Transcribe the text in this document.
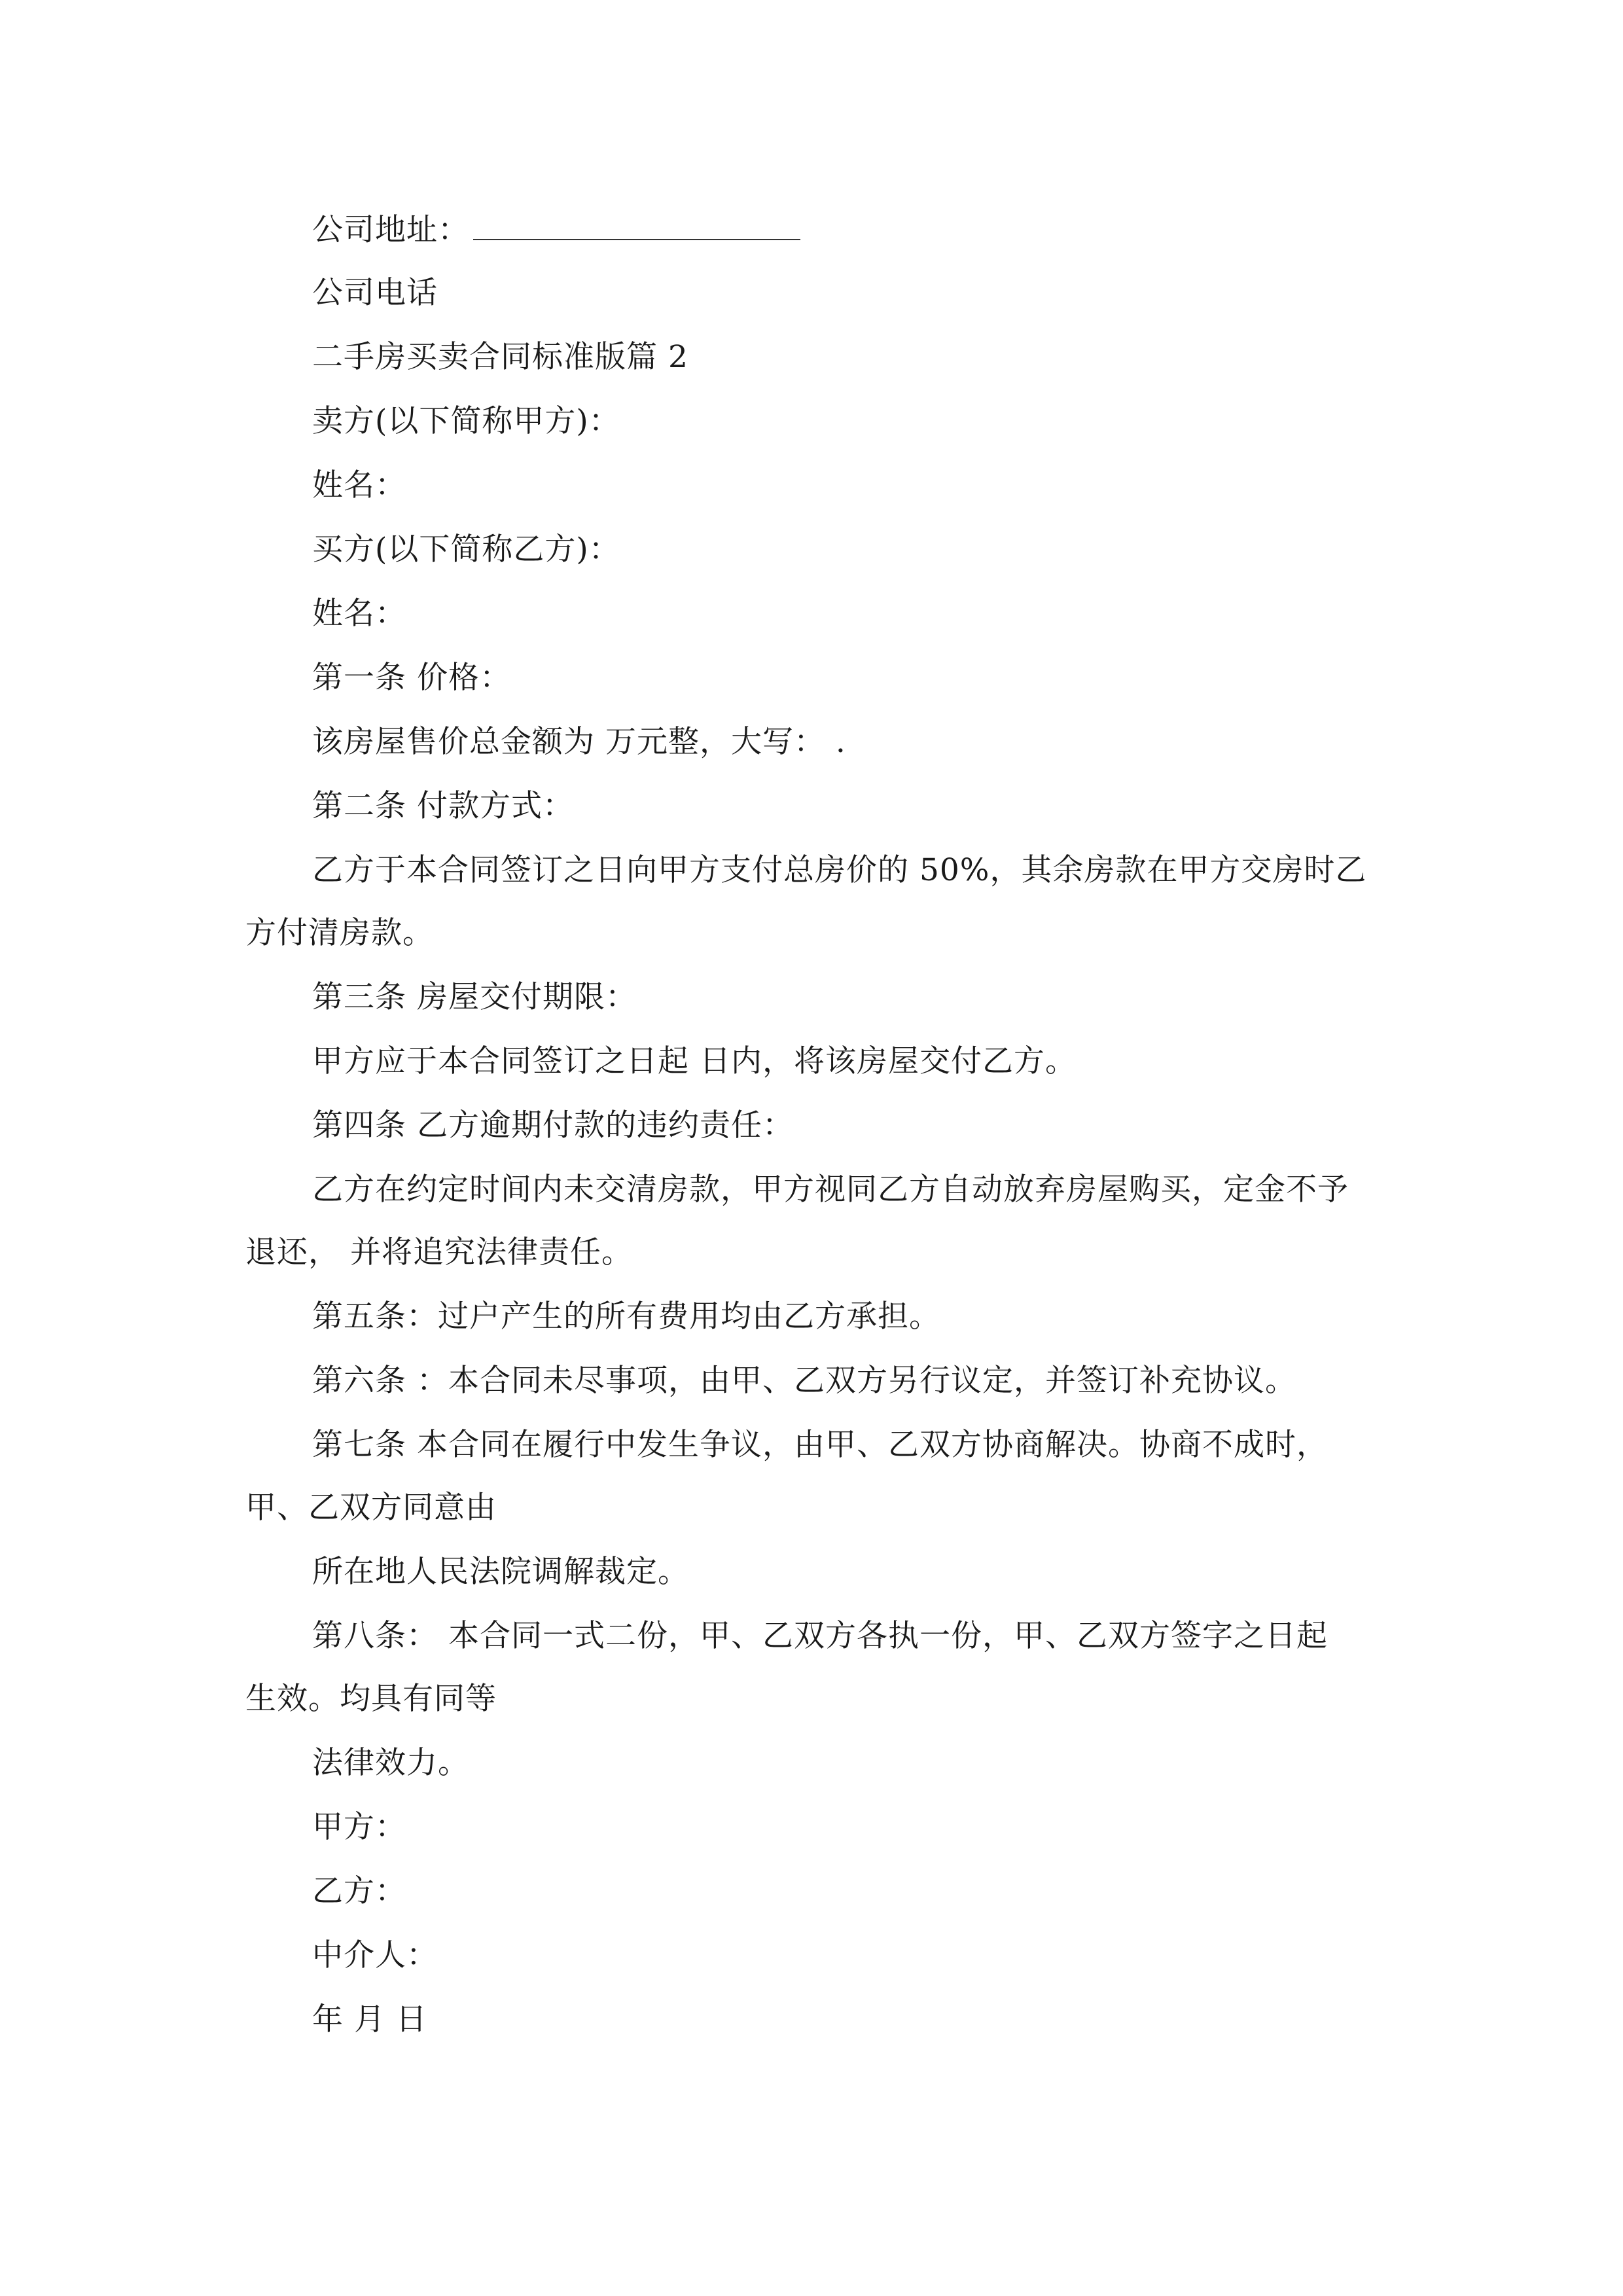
公司地址：
公司电话
二手房买卖合同标准版篇 2
卖方(以下简称甲方)：
姓名：
买方(以下简称乙方)：
姓名：
第一条 价格：
该房屋售价总金额为 万元整，大写： .
第二条 付款方式：
乙方于本合同签订之日向甲方支付总房价的 50%，其余房款在甲方交房时乙
方付清房款。
第三条 房屋交付期限：
甲方应于本合同签订之日起 日内，将该房屋交付乙方。
第四条 乙方逾期付款的违约责任：
乙方在约定时间内未交清房款，甲方视同乙方自动放弃房屋购买，定金不予
退还， 并将追究法律责任。
第五条：过户产生的所有费用均由乙方承担。
第六条 ：本合同未尽事项，由甲、乙双方另行议定，并签订补充协议。
第七条 本合同在履行中发生争议，由甲、乙双方协商解决。协商不成时，
甲、乙双方同意由
所在地人民法院调解裁定。
第八条： 本合同一式二份，甲、乙双方各执一份，甲、乙双方签字之日起
生效。均具有同等
法律效力。
甲方：
乙方：
中介人：
年 月 日
